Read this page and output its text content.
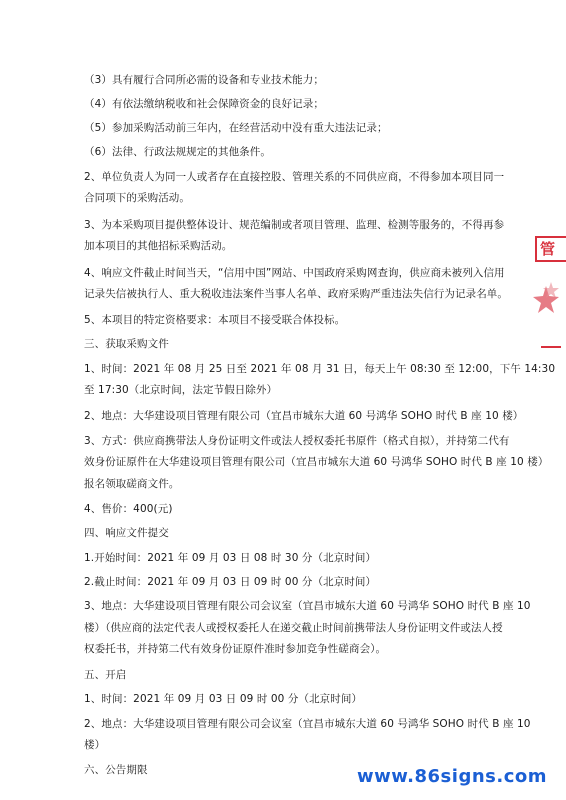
（3）具有履行合同所必需的设备和专业技术能力；
（4）有依法缴纳税收和社会保障资金的良好记录；
（5）参加采购活动前三年内，在经营活动中没有重大违法记录；
（6）法律、行政法规规定的其他条件。
2、单位负责人为同一人或者存在直接控股、管理关系的不同供应商，不得参加本项目同一
合同项下的采购活动。
3、为本采购项目提供整体设计、规范编制或者项目管理、监理、检测等服务的，不得再参
加本项目的其他招标采购活动。
4、响应文件截止时间当天，“信用中国”网站、中国政府采购网查询，供应商未被列入信用
记录失信被执行人、重大税收违法案件当事人名单、政府采购严重违法失信行为记录名单。
5、本项目的特定资格要求：本项目不接受联合体投标。
三、获取采购文件
1、时间：2021 年 08 月 25 日至 2021 年 08 月 31 日，每天上午 08:30 至 12:00，下午 14:30
至 17:30（北京时间，法定节假日除外）
2、地点：大华建设项目管理有限公司（宜昌市城东大道 60 号鸿华 SOHO 时代 B 座 10 楼）
3、方式：供应商携带法人身份证明文件或法人授权委托书原件（格式自拟），并持第二代有
效身份证原件在大华建设项目管理有限公司（宜昌市城东大道 60 号鸿华 SOHO 时代 B 座 10 楼）
报名领取磋商文件。
4、售价：400(元)
四、响应文件提交
1.开始时间：2021 年 09 月 03 日 08 时 30 分（北京时间）
2.截止时间：2021 年 09 月 03 日 09 时 00 分（北京时间）
3、地点：大华建设项目管理有限公司会议室（宜昌市城东大道 60 号鸿华 SOHO 时代 B 座 10
楼）（供应商的法定代表人或授权委托人在递交截止时间前携带法人身份证明文件或法人授
权委托书，并持第二代有效身份证原件准时参加竞争性磋商会）。
五、开启
1、时间：2021 年 09 月 03 日 09 时 00 分（北京时间）
2、地点：大华建设项目管理有限公司会议室（宜昌市城东大道 60 号鸿华 SOHO 时代 B 座 10
楼）
六、公告期限
管
www.86signs.com
